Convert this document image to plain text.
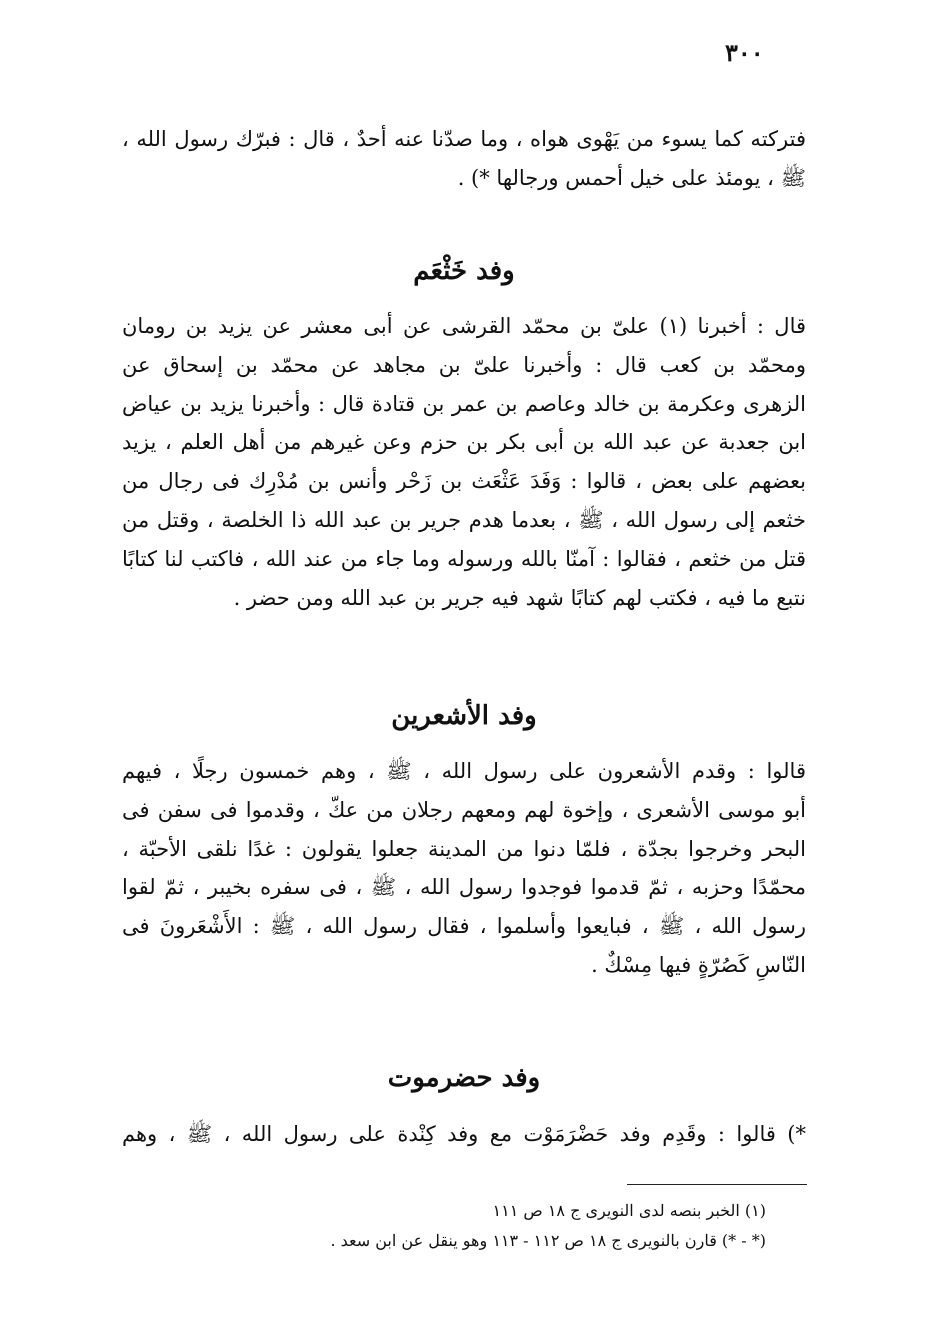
٣٠٠
فتركته كما يسوء من يَهْوى هواه ، وما صدّنا عنه أحدٌ ، قال : فبرّك رسول الله ،
ﷺ ، يومئذ على خيل أحمس ورجالها *) .
وفد خَثْعَم
قال : أخبرنا (١) علىّ بن محمّد القرشى عن أبى معشر عن يزيد بن رومان
ومحمّد بن كعب قال : وأخبرنا علىّ بن مجاهد عن محمّد بن إسحاق عن
الزهرى وعكرمة بن خالد وعاصم بن عمر بن قتادة قال : وأخبرنا يزيد بن عياض
ابن جعدبة عن عبد الله بن أبى بكر بن حزم وعن غيرهم من أهل العلم ، يزيد
بعضهم على بعض ، قالوا : وَفَدَ عَثْعَث بن زَحْر وأنس بن مُدْرِك فى رجال من
خثعم إلى رسول الله ، ﷺ ، بعدما هدم جرير بن عبد الله ذا الخلصة ، وقتل من
قتل من خثعم ، فقالوا : آمنّا بالله ورسوله وما جاء من عند الله ، فاكتب لنا كتابًا
نتبع ما فيه ، فكتب لهم كتابًا شهد فيه جرير بن عبد الله ومن حضر .
وفد الأشعرين
قالوا : وقدم الأشعرون على رسول الله ، ﷺ ، وهم خمسون رجلًا ، فيهم
أبو موسى الأشعرى ، وإخوة لهم ومعهم رجلان من عكّ ، وقدموا فى سفن فى
البحر وخرجوا بجدّة ، فلمّا دنوا من المدينة جعلوا يقولون : غدًا نلقى الأحبّة ،
محمّدًا وحزبه ، ثمّ قدموا فوجدوا رسول الله ، ﷺ ، فى سفره بخيبر ، ثمّ لقوا
رسول الله ، ﷺ ، فبايعوا وأسلموا ، فقال رسول الله ، ﷺ : الأَشْعَرونَ فى
النّاسِ كَصُرّةٍ فيها مِسْكٌ .
وفد حضرموت
*) قالوا : وقَدِم وفد حَضْرَمَوْت مع وفد كِنْدة على رسول الله ، ﷺ ، وهم
(١) الخبر بنصه لدى النويرى ج ١٨ ص ١١١
(* - *) قارن بالنويرى ج ١٨ ص ١١٢ - ١١٣ وهو ينقل عن ابن سعد .
